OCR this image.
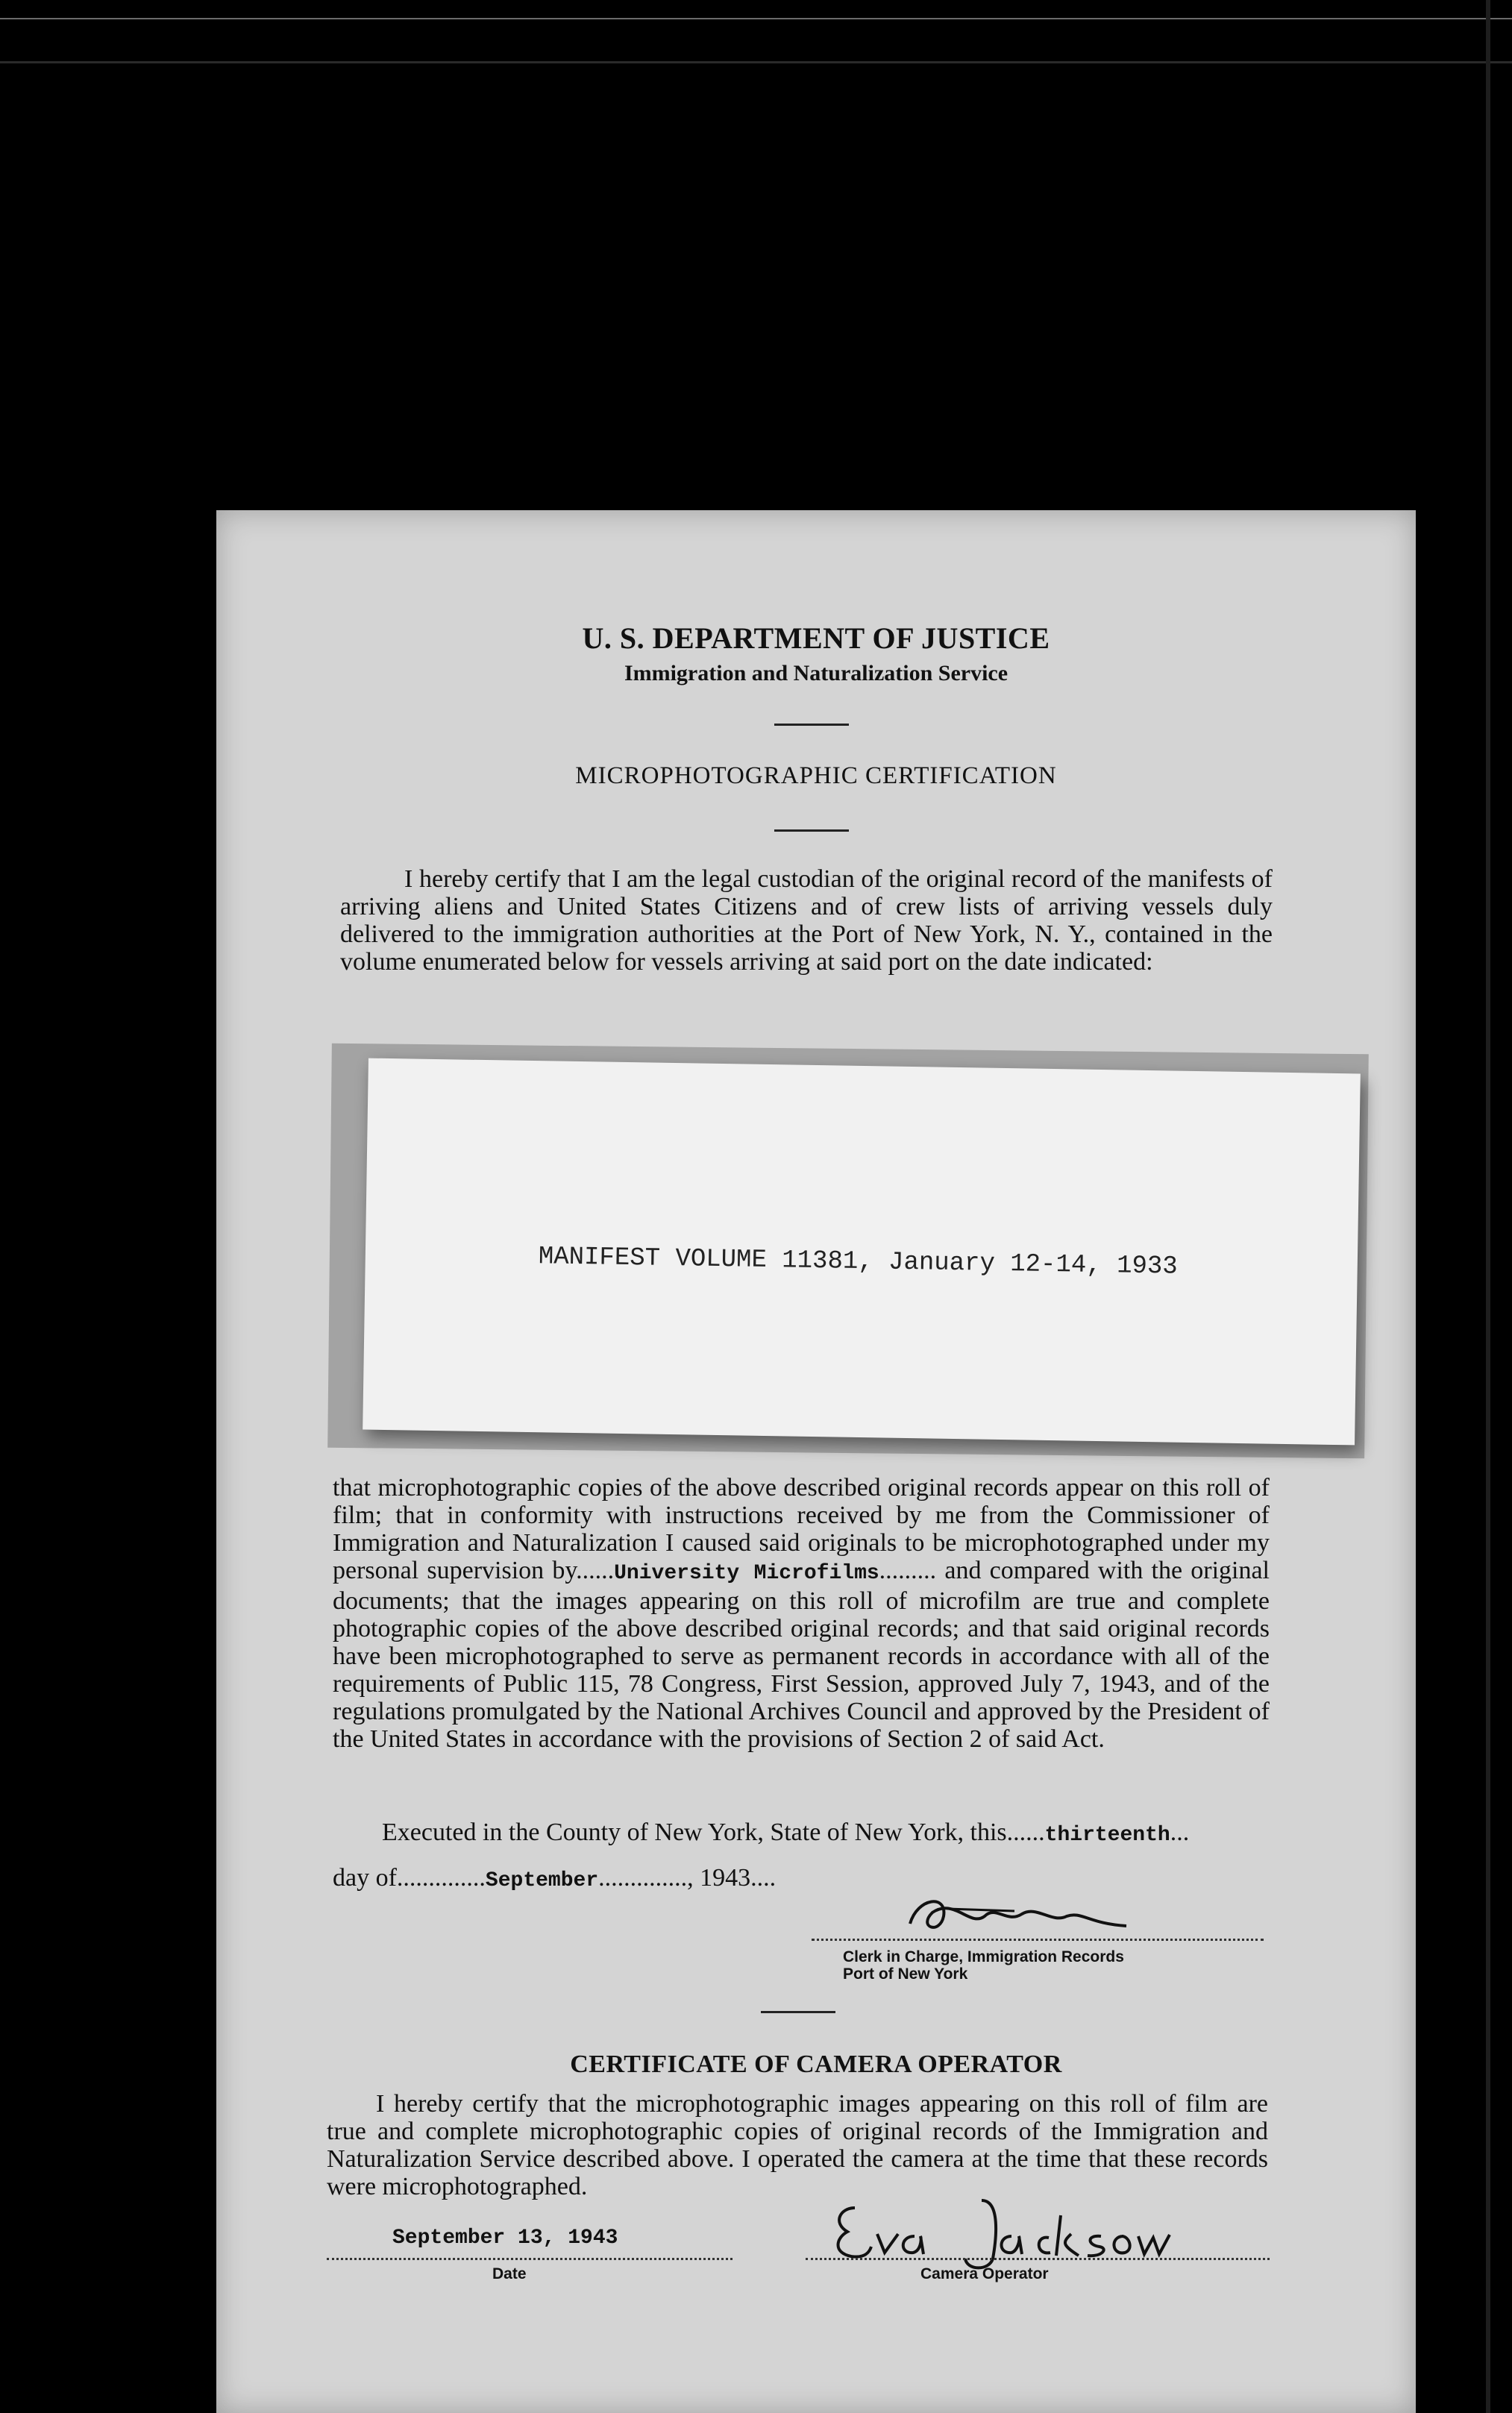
U. S. DEPARTMENT OF JUSTICE
Immigration and Naturalization Service
MICROPHOTOGRAPHIC CERTIFICATION
I hereby certify that I am the legal custodian of the original record of the manifests of arriving aliens and United States Citizens and of crew lists of arriving vessels duly delivered to the immigration authorities at the Port of New York, N. Y., contained in the volume enumerated below for vessels arriving at said port on the date indicated:
MANIFEST VOLUME 11381, January 12-14, 1933
that microphotographic copies of the above described original records appear on this roll of film; that in conformity with instructions received by me from the Commissioner of Immigration and Naturalization I caused said originals to be microphotographed under my personal supervision by......University Microfilms......... and compared with the original documents; that the images appearing on this roll of microfilm are true and complete photographic copies of the above described original records; and that said original records have been microphotographed to serve as permanent records in accordance with all of the requirements of Public 115, 78 Congress, First Session, approved July 7, 1943, and of the regulations promulgated by the National Archives Council and approved by the President of the United States in accordance with the provisions of Section 2 of said Act.
Executed in the County of New York, State of New York, this......thirteenth...
day of..............September.............., 1943....
Clerk in Charge, Immigration Records
Port of New York
CERTIFICATE OF CAMERA OPERATOR
I hereby certify that the microphotographic images appearing on this roll of film are true and complete microphotographic copies of original records of the Immigration and Naturalization Service described above. I operated the camera at the time that these records were microphotographed.
September 13, 1943
Date	Camera Operator
